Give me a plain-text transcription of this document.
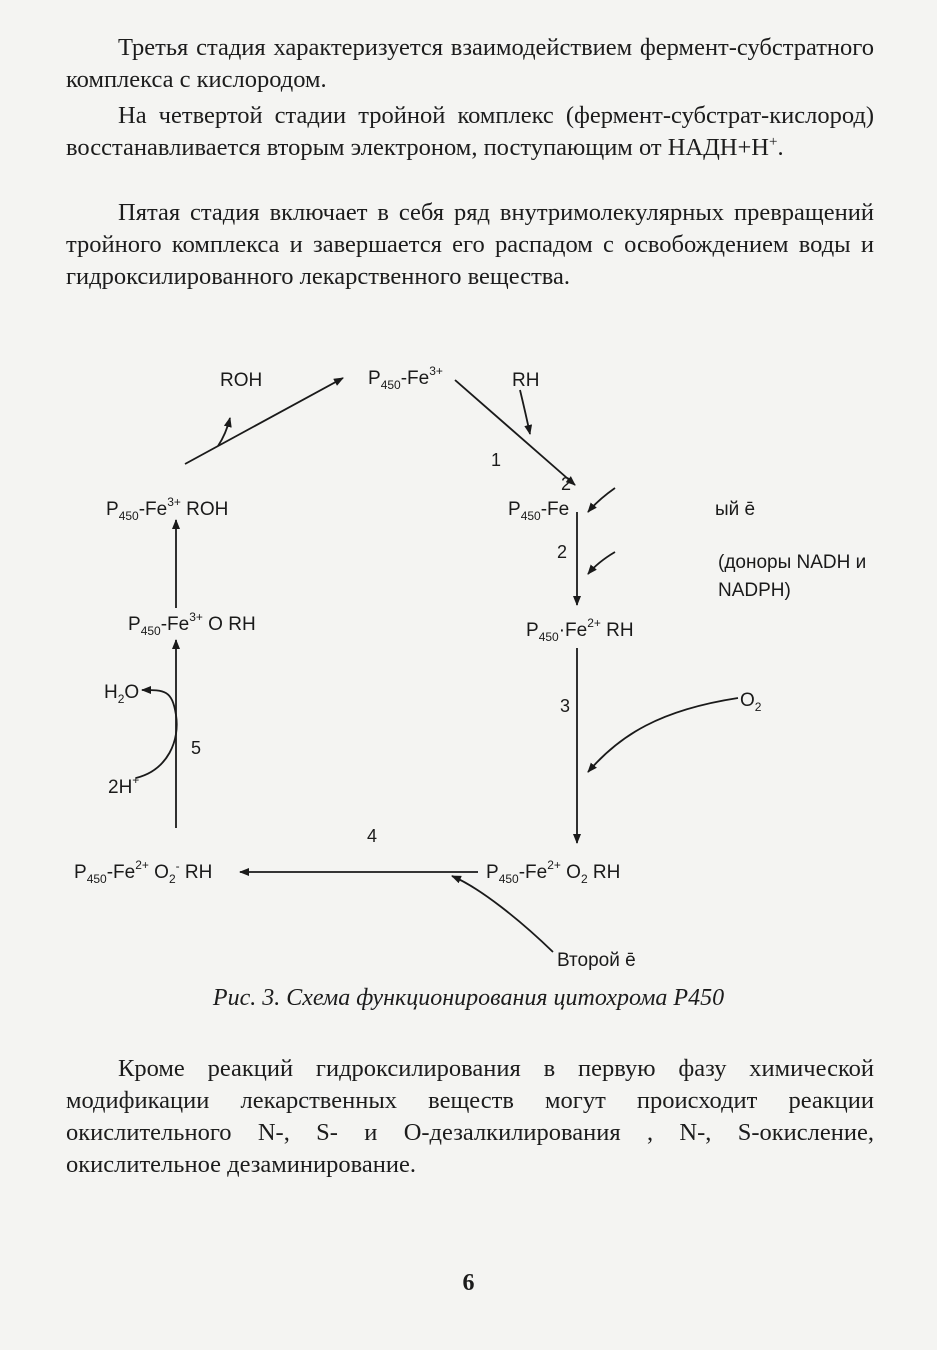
Третья стадия характеризуется взаимодействием фермент-субстратного комплекса с кислородом.

На четвертой стадии тройной комплекс (фермент-субстрат-кислород) восстанавливается вторым электроном, поступающим от НАДН+Н+.

Пятая стадия включает в себя ряд внутримолекулярных превращений тройного комплекса и завершается его распадом с освобождением воды и гидроксилированного лекарственного вещества.

ROH	$P_{450}-Fe^{3+}$	RH
$P_{450}-Fe^{3+}$ ROH	$P_{450}-Fe$	ый ē
(доноры NADH и
NADPH)
$P_{450}-Fe^{3+}$ O RH	$P_{450}\cdot Fe^{2+}$ RH
$H_2O$
2H+
$O_2$
$P_{450}-Fe^{2+}$ $O_2^-$ RH	$P_{450}-Fe^{2+}$ $O_2$ RH
Второй ē
1
2
2
3
4
5
Рис. 3. Схема функционирования цитохрома Р450

Кроме реакций гидроксилирования в первую фазу химической модификации лекарственных веществ могут происходит реакции окислительного N-, S- и О-дезалкилирования , N-, S-окисление, окислительное дезаминирование.

6
